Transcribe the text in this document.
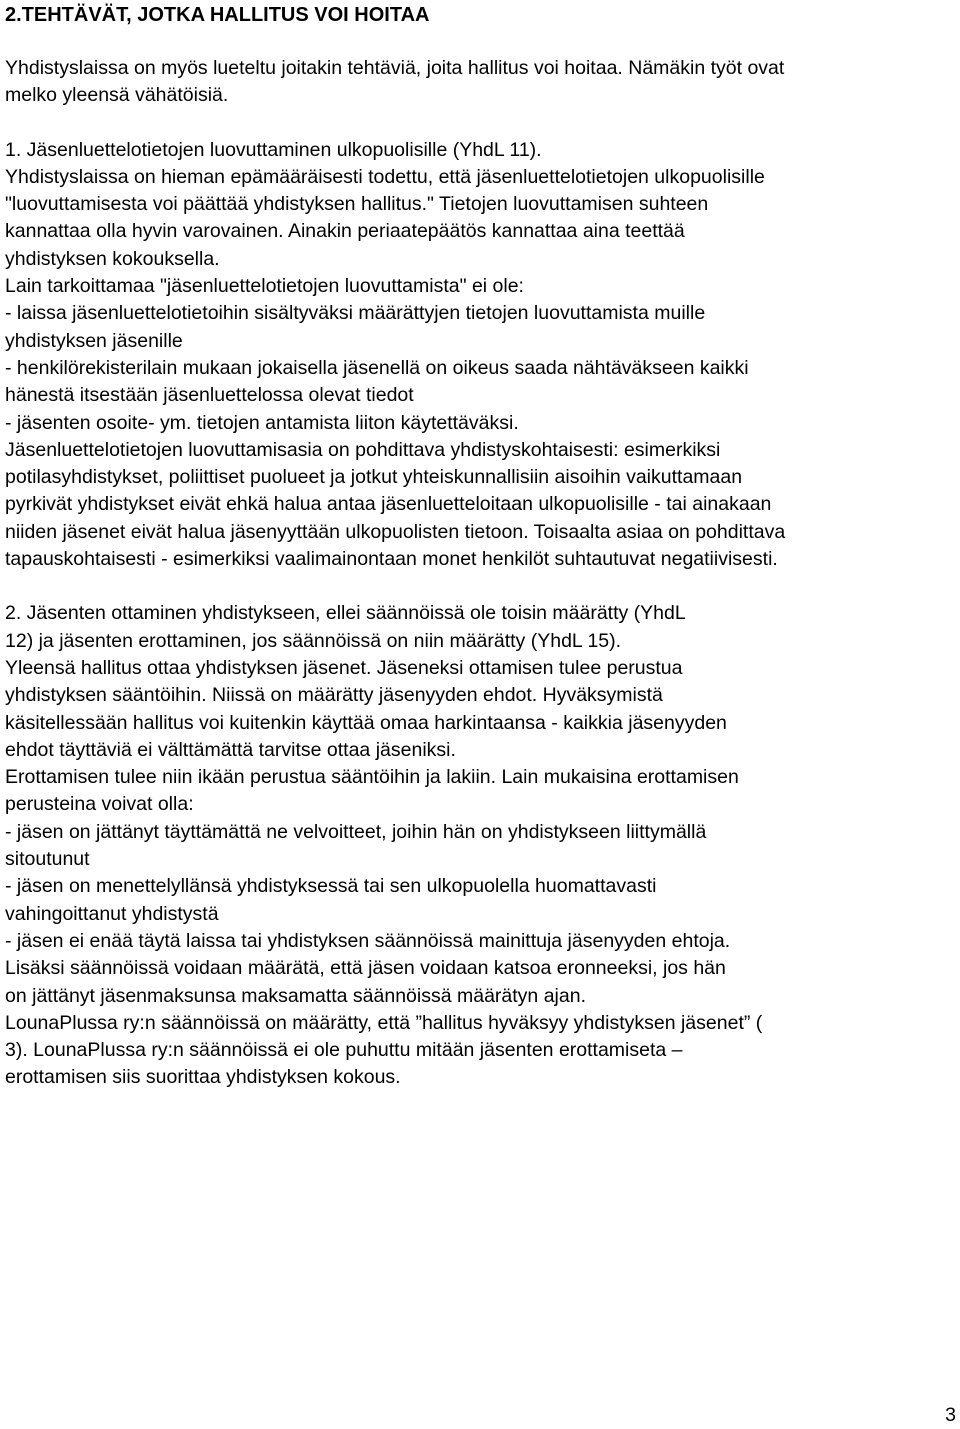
2.TEHTÄVÄT, JOTKA HALLITUS VOI HOITAA

Yhdistyslaissa on myös lueteltu joitakin tehtäviä, joita hallitus voi hoitaa. Nämäkin työt ovat

melko yleensä vähätöisiä.

1. Jäsenluettelotietojen luovuttaminen ulkopuolisille (YhdL 11).

Yhdistyslaissa on hieman epämääräisesti todettu, että jäsenluettelotietojen ulkopuolisille

"luovuttamisesta voi päättää yhdistyksen hallitus." Tietojen luovuttamisen suhteen

kannattaa olla hyvin varovainen. Ainakin periaatepäätös kannattaa aina teettää

yhdistyksen kokouksella.

Lain tarkoittamaa "jäsenluettelotietojen luovuttamista" ei ole:

- laissa jäsenluettelotietoihin sisältyväksi määrättyjen tietojen luovuttamista muille

yhdistyksen jäsenille

- henkilörekisterilain mukaan jokaisella jäsenellä on oikeus saada nähtäväkseen kaikki

hänestä itsestään jäsenluettelossa olevat tiedot

- jäsenten osoite- ym. tietojen antamista liiton käytettäväksi.

Jäsenluettelotietojen luovuttamisasia on pohdittava yhdistyskohtaisesti: esimerkiksi

potilasyhdistykset, poliittiset puolueet ja jotkut yhteiskunnallisiin aisoihin vaikuttamaan

pyrkivät yhdistykset eivät ehkä halua antaa jäsenluetteloitaan ulkopuolisille - tai ainakaan

niiden jäsenet eivät halua jäsenyyttään ulkopuolisten tietoon. Toisaalta asiaa on pohdittava

tapauskohtaisesti - esimerkiksi vaalimainontaan monet henkilöt suhtautuvat negatiivisesti.

2. Jäsenten ottaminen yhdistykseen, ellei säännöissä ole toisin määrätty (YhdL

12) ja jäsenten erottaminen, jos säännöissä on niin määrätty (YhdL 15).

Yleensä hallitus ottaa yhdistyksen jäsenet. Jäseneksi ottamisen tulee perustua

yhdistyksen sääntöihin. Niissä on määrätty jäsenyyden ehdot. Hyväksymistä

käsitellessään hallitus voi kuitenkin käyttää omaa harkintaansa - kaikkia jäsenyyden

ehdot täyttäviä ei välttämättä tarvitse ottaa jäseniksi.

Erottamisen tulee niin ikään perustua sääntöihin ja lakiin. Lain mukaisina erottamisen

perusteina voivat olla:

- jäsen on jättänyt täyttämättä ne velvoitteet, joihin hän on yhdistykseen liittymällä

sitoutunut

- jäsen on menettelyllänsä yhdistyksessä tai sen ulkopuolella huomattavasti

vahingoittanut yhdistystä

- jäsen ei enää täytä laissa tai yhdistyksen säännöissä mainittuja jäsenyyden ehtoja.

Lisäksi säännöissä voidaan määrätä, että jäsen voidaan katsoa eronneeksi, jos hän

on jättänyt jäsenmaksunsa maksamatta säännöissä määrätyn ajan.

LounaPlussa ry:n säännöissä on määrätty, että ”hallitus hyväksyy yhdistyksen jäsenet” (

3). LounaPlussa ry:n säännöissä ei ole puhuttu mitään jäsenten erottamiseta –

erottamisen siis suorittaa yhdistyksen kokous.

3
